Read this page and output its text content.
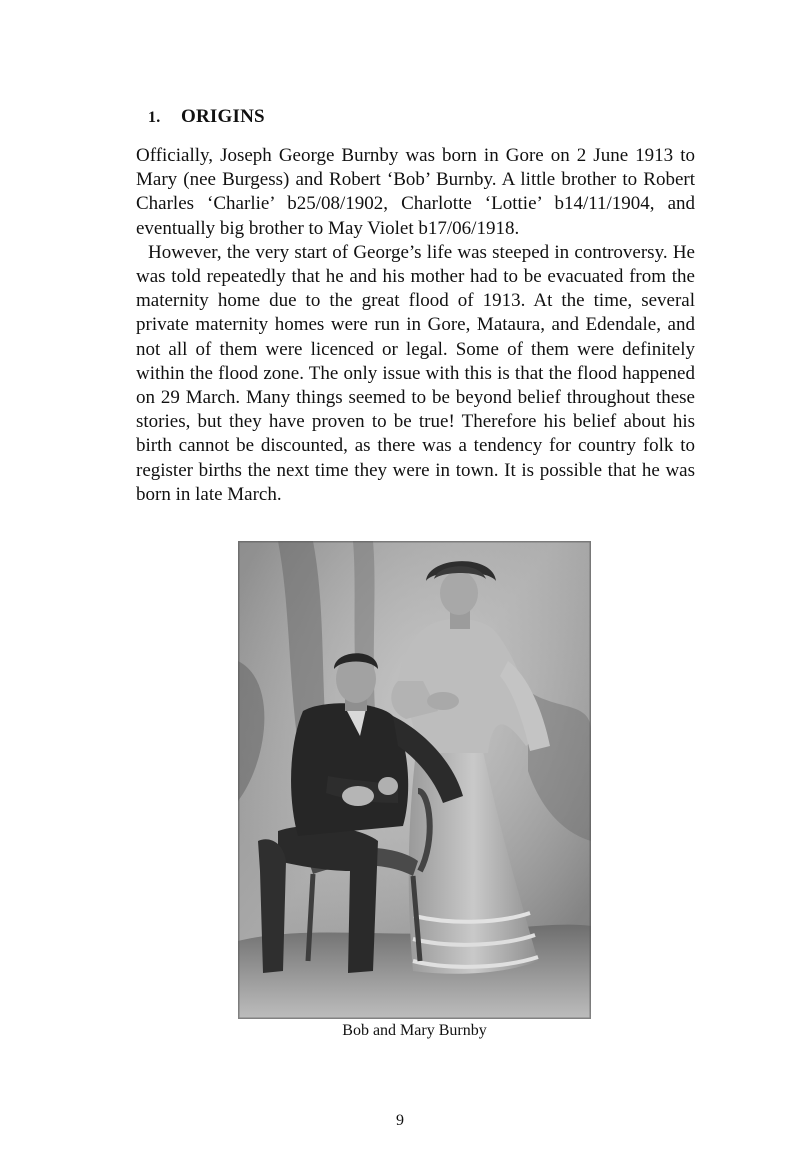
1. ORIGINS

Officially, Joseph George Burnby was born in Gore on 2 June 1913 to Mary (nee Burgess) and Robert ‘Bob’ Burnby. A little brother to Robert Charles ‘Charlie’ b25/08/1902, Charlotte ‘Lottie’ b14/11/1904, and eventually big brother to May Violet b17/06/1918.

However, the very start of George’s life was steeped in controversy. He was told repeatedly that he and his mother had to be evacuated from the maternity home due to the great flood of 1913. At the time, several private maternity homes were run in Gore, Mataura, and Edendale, and not all of them were licenced or legal. Some of them were definitely within the flood zone. The only issue with this is that the flood happened on 29 March. Many things seemed to be beyond belief throughout these stories, but they have proven to be true! Therefore his belief about his birth cannot be discounted, as there was a tendency for country folk to register births the next time they were in town. It is possible that he was born in late March.

Bob and Mary Burnby
9
